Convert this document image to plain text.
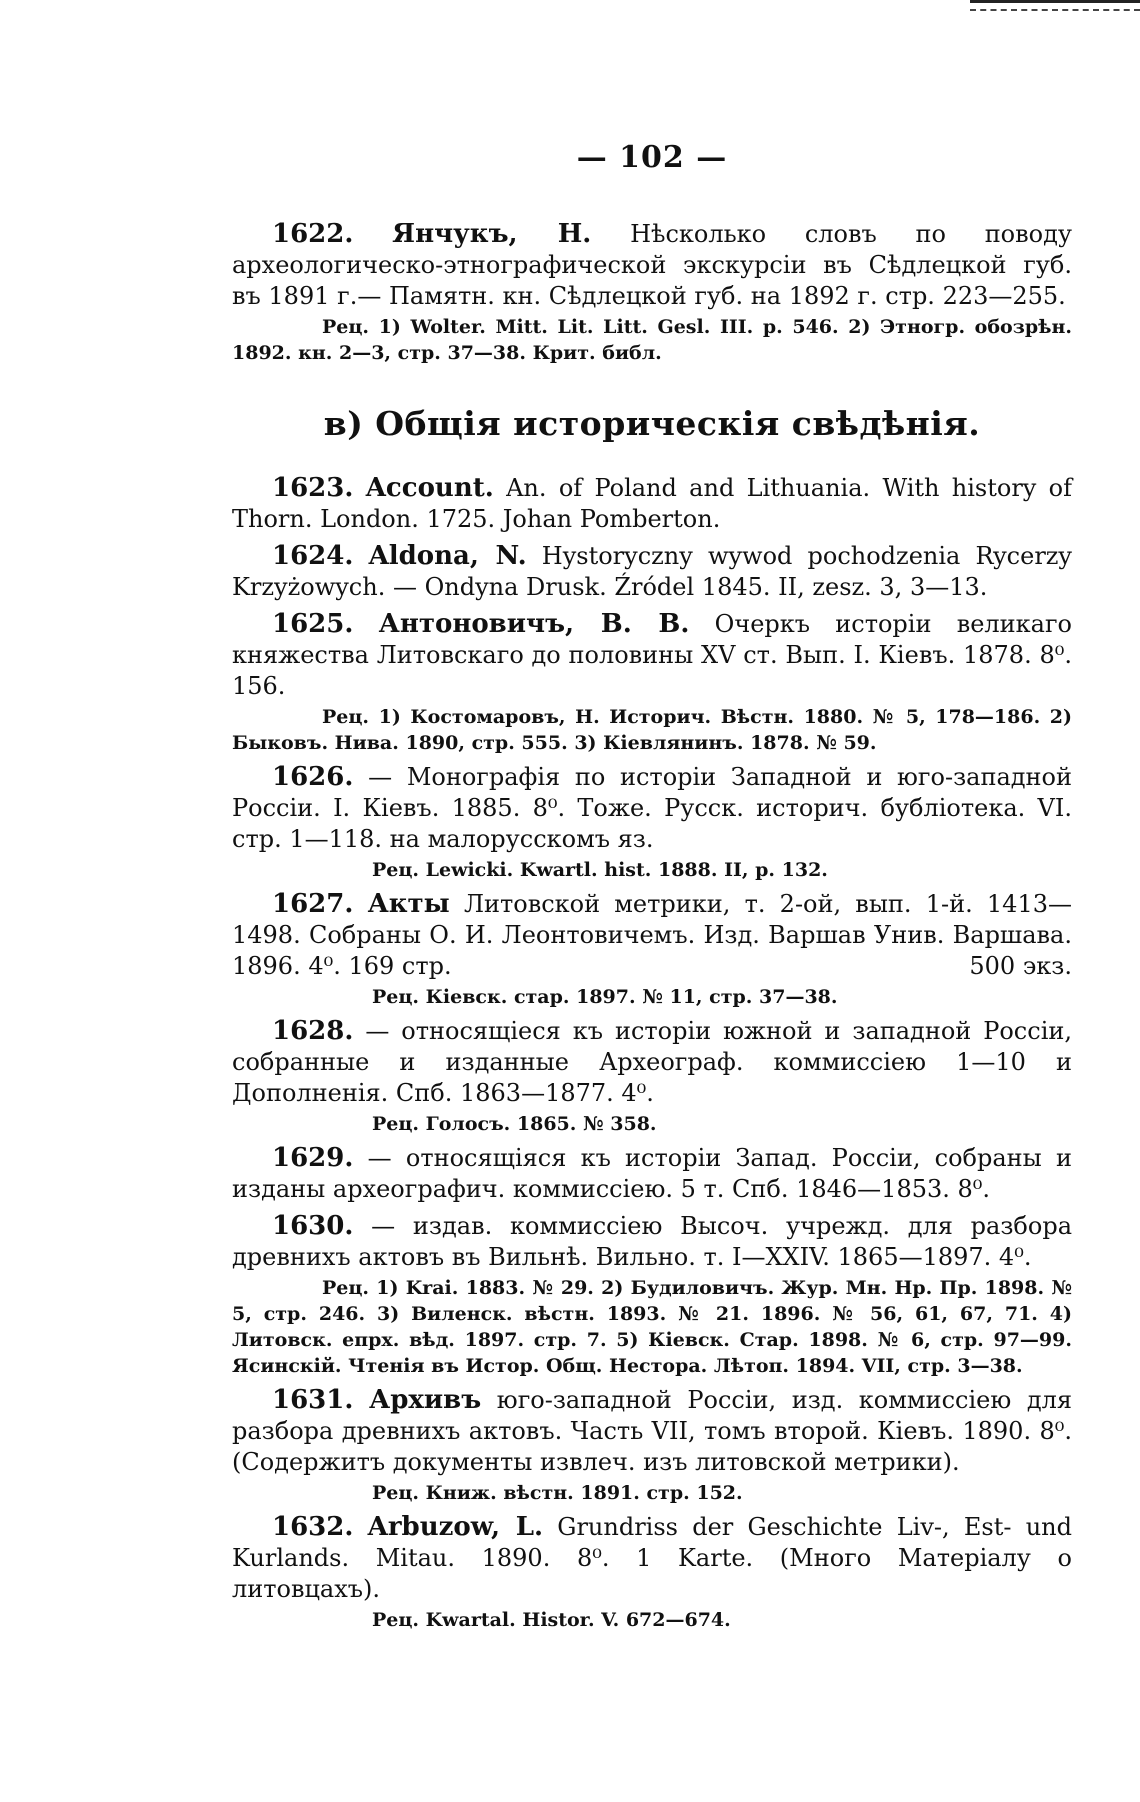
— 102 —

1622. Янчукъ, Н. Нѣсколько словъ по поводу археологическо-этнографической экскурсіи въ Сѣдлецкой губ. въ 1891 г.— Памятн. кн. Сѣдлецкой губ. на 1892 г. стр. 223—255.

Рец. 1) Wolter. Mitt. Lit. Litt. Gesl. III. p. 546. 2) Этногр. обозрѣн. 1892. кн. 2—3, стр. 37—38. Крит. библ.

в) Общія историческія свѣдѣнія.

1623. Account. An. of Poland and Lithuania. With history of Thorn. London. 1725. Johan Pomberton.

1624. Aldona, N. Hystoryczny wywod pochodzenia Rycerzy Krzyżowych. — Ondyna Drusk. Źródel 1845. II, zesz. 3, 3—13.

1625. Антоновичъ, В. В. Очеркъ исторіи великаго княжества Литовскаго до половины XV ст. Вып. I. Кіевъ. 1878. 8⁰. 156.

Рец. 1) Костомаровъ, Н. Историч. Вѣстн. 1880. № 5, 178—186. 2) Быковъ. Нива. 1890, стр. 555. 3) Кіевлянинъ. 1878. № 59.

1626. — Монографія по исторіи Западной и юго-западной Россіи. I. Кіевъ. 1885. 8⁰. Тоже. Русск. историч. бубліотека. VI. стр. 1—118. на малорусскомъ яз.

Рец. Lewicki. Kwartl. hist. 1888. II, p. 132.

1627. Акты Литовской метрики, т. 2-ой, вып. 1-й. 1413—1498. Собраны О. И. Леонтовичемъ. Изд. Варшав Унив. Варшава. 1896. 4⁰. 169 стр.	500 экз.

Рец. Кіевск. стар. 1897. № 11, стр. 37—38.

1628. — относящіеся къ исторіи южной и западной Россіи, собранные и изданные Археограф. коммиссіею 1—10 и Дополненія. Спб. 1863—1877. 4⁰.

Рец. Голосъ. 1865. № 358.

1629. — относящіяся къ исторіи Запад. Россіи, собраны и изданы археографич. коммиссіею. 5 т. Спб. 1846—1853. 8⁰.

1630. — издав. коммиссіею Высоч. учрежд. для разбора древнихъ актовъ въ Вильнѣ. Вильно. т. I—XXIV. 1865—1897. 4⁰.

Рец. 1) Krai. 1883. № 29. 2) Будиловичъ. Жур. Мн. Нр. Пр. 1898. № 5, стр. 246. 3) Виленск. вѣстн. 1893. № 21. 1896. № 56, 61, 67, 71. 4) Литовск. епрх. вѣд. 1897. стр. 7. 5) Кіевск. Стар. 1898. № 6, стр. 97—99. Ясинскій. Чтенія въ Истор. Общ. Нестора. Лѣтоп. 1894. VII, стр. 3—38.

1631. Архивъ юго-западной Россіи, изд. коммиссіею для разбора древнихъ актовъ. Часть VII, томъ второй. Кіевъ. 1890. 8⁰. (Содержитъ документы извлеч. изъ литовской метрики).

Рец. Книж. вѣстн. 1891. стр. 152.

1632. Arbuzow, L. Grundriss der Geschichte Liv-, Est- und Kurlands. Mitau. 1890. 8⁰. 1 Karte. (Много Матеріалу о литовцахъ).

Рец. Kwartal. Histor. V. 672—674.
